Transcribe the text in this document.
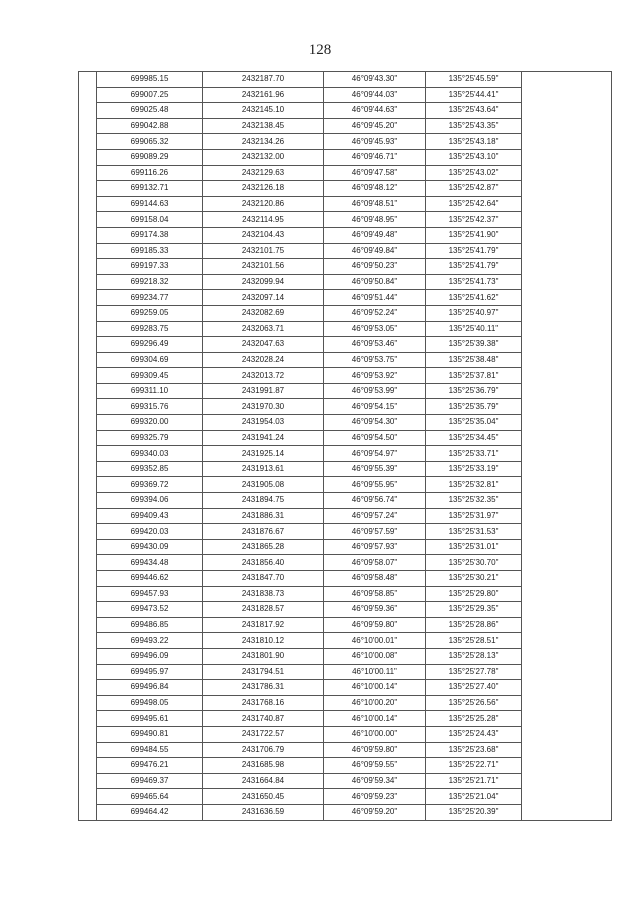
128
	699985.15	2432187.70	46°09'43.30"	135°25'45.59"	
	699007.25	2432161.96	46°09'44.03"	135°25'44.41"	
	699025.48	2432145.10	46°09'44.63"	135°25'43.64"	
	699042.88	2432138.45	46°09'45.20"	135°25'43.35"	
	699065.32	2432134.26	46°09'45.93"	135°25'43.18"	
	699089.29	2432132.00	46°09'46.71"	135°25'43.10"	
	699116.26	2432129.63	46°09'47.58"	135°25'43.02"	
	699132.71	2432126.18	46°09'48.12"	135°25'42.87"	
	699144.63	2432120.86	46°09'48.51"	135°25'42.64"	
	699158.04	2432114.95	46°09'48.95"	135°25'42.37"	
	699174.38	2432104.43	46°09'49.48"	135°25'41.90"	
	699185.33	2432101.75	46°09'49.84"	135°25'41.79"	
	699197.33	2432101.56	46°09'50.23"	135°25'41.79"	
	699218.32	2432099.94	46°09'50.84"	135°25'41.73"	
	699234.77	2432097.14	46°09'51.44"	135°25'41.62"	
	699259.05	2432082.69	46°09'52.24"	135°25'40.97"	
	699283.75	2432063.71	46°09'53.05"	135°25'40.11"	
	699296.49	2432047.63	46°09'53.46"	135°25'39.38"	
	699304.69	2432028.24	46°09'53.75"	135°25'38.48"	
	699309.45	2432013.72	46°09'53.92"	135°25'37.81"	
	699311.10	2431991.87	46°09'53.99"	135°25'36.79"	
	699315.76	2431970.30	46°09'54.15"	135°25'35.79"	
	699320.00	2431954.03	46°09'54.30"	135°25'35.04"	
	699325.79	2431941.24	46°09'54.50"	135°25'34.45"	
	699340.03	2431925.14	46°09'54.97"	135°25'33.71"	
	699352.85	2431913.61	46°09'55.39"	135°25'33.19"	
	699369.72	2431905.08	46°09'55.95"	135°25'32.81"	
	699394.06	2431894.75	46°09'56.74"	135°25'32.35"	
	699409.43	2431886.31	46°09'57.24"	135°25'31.97"	
	699420.03	2431876.67	46°09'57.59"	135°25'31.53"	
	699430.09	2431865.28	46°09'57.93"	135°25'31.01"	
	699434.48	2431856.40	46°09'58.07"	135°25'30.70"	
	699446.62	2431847.70	46°09'58.48"	135°25'30.21"	
	699457.93	2431838.73	46°09'58.85"	135°25'29.80"	
	699473.52	2431828.57	46°09'59.36"	135°25'29.35"	
	699486.85	2431817.92	46°09'59.80"	135°25'28.86"	
	699493.22	2431810.12	46°10'00.01"	135°25'28.51"	
	699496.09	2431801.90	46°10'00.08"	135°25'28.13"	
	699495.97	2431794.51	46°10'00.11"	135°25'27.78"	
	699496.84	2431786.31	46°10'00.14"	135°25'27.40"	
	699498.05	2431768.16	46°10'00.20"	135°25'26.56"	
	699495.61	2431740.87	46°10'00.14"	135°25'25.28"	
	699490.81	2431722.57	46°10'00.00"	135°25'24.43"	
	699484.55	2431706.79	46°09'59.80"	135°25'23.68"	
	699476.21	2431685.98	46°09'59.55"	135°25'22.71"	
	699469.37	2431664.84	46°09'59.34"	135°25'21.71"	
	699465.64	2431650.45	46°09'59.23"	135°25'21.04"	
	699464.42	2431636.59	46°09'59.20"	135°25'20.39"	
